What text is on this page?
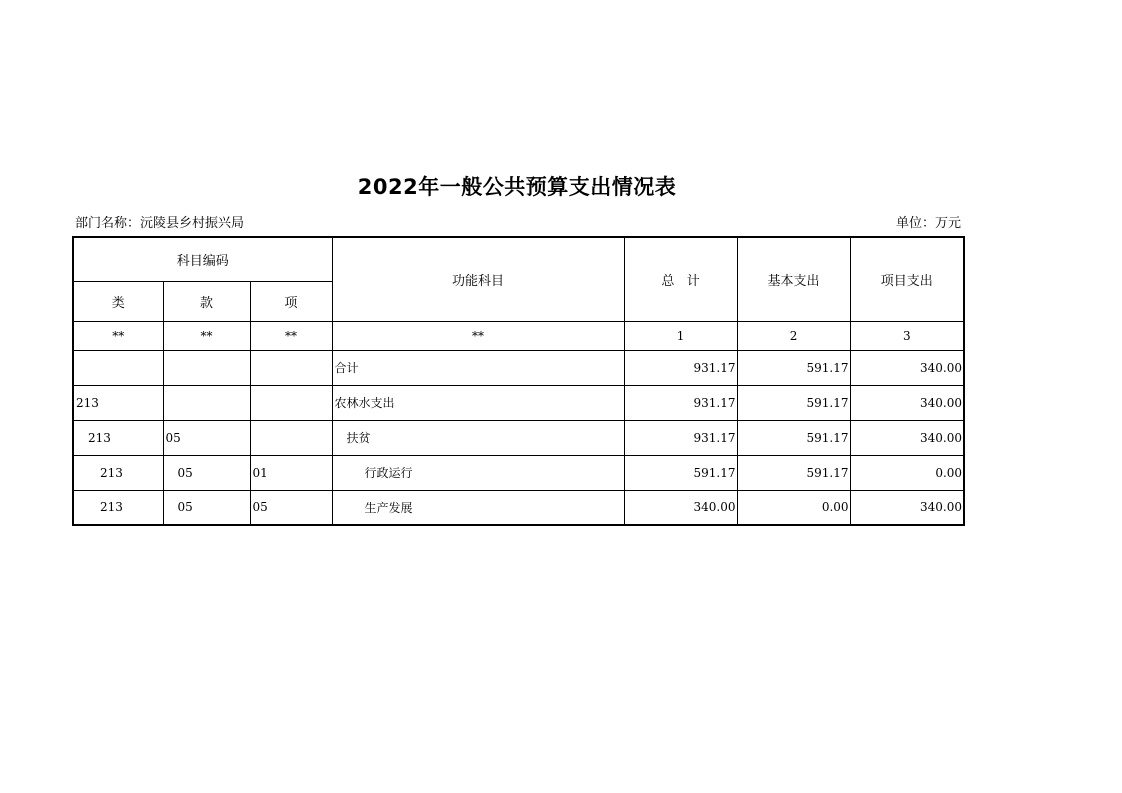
2022年一般公共预算支出情况表
部门名称：沅陵县乡村振兴局	单位：万元
科目编码			功能科目	总   计	基本支出	项目支出
类	款	项				
**	**	**	**	1	2	3
			合计	931.17	591.17	340.00
213			农林水支出	931.17	591.17	340.00
213	05		扶贫	931.17	591.17	340.00
213	05	01	行政运行	591.17	591.17	0.00
213	05	05	生产发展	340.00	0.00	340.00
